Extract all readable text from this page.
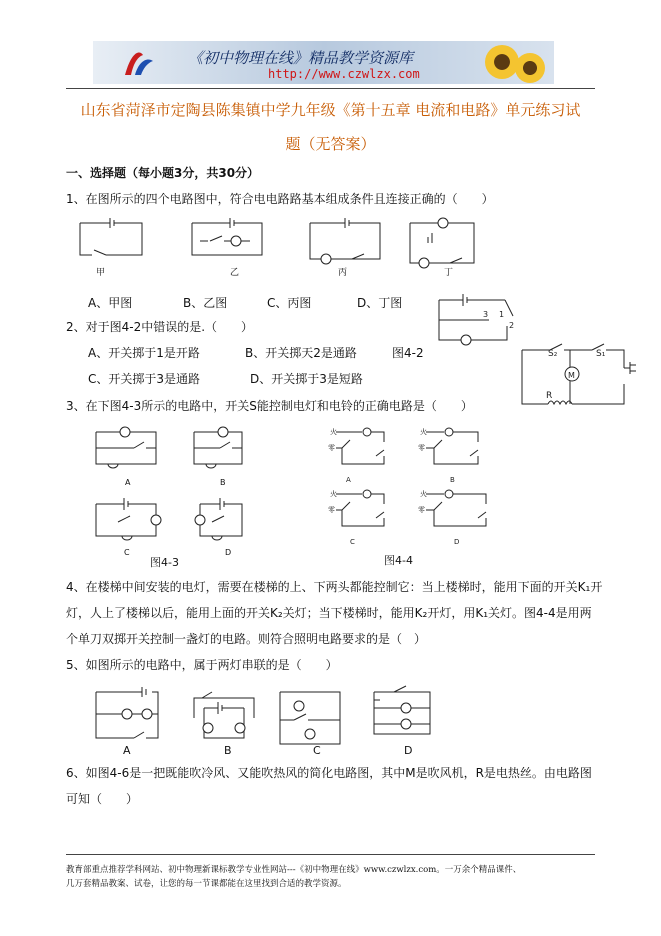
《初中物理在线》精品教学资源库
http://www.czwlzx.com
山东省菏泽市定陶县陈集镇中学九年级《第十五章 电流和电路》单元练习试
题（无答案）
一、选择题（每小题3分，共30分）
1、在图所示的四个电路图中，符合电电路路基本组成条件且连接正确的（　　）
甲	乙	丙	丁
A、甲图	B、乙图	C、丙图	D、丁图
3 1
2
2、对于图4-2中错误的是.（　　）
A、开关掷于1是开路	B、开关掷天2是通路	图4-2
C、开关掷于3是通路	D、开关掷于3是短路
S₂	S₁
M
R
3、在下图4-3所示的电路中，开关S能控制电灯和电铃的正确电路是（　　）
A	B
C	D
图4-3
火
零
A
火
零
B
火
零
C
火
零
D
图4-4
4、在楼梯中间安装的电灯，需要在楼梯的上、下两头都能控制它：当上楼梯时，能用下面的开关K₁开
灯，人上了楼梯以后，能用上面的开关K₂关灯；当下楼梯时，能用K₂开灯，用K₁关灯。图4-4是用两
个单刀双掷开关控制一盏灯的电路。则符合照明电路要求的是（　）
5、如图所示的电路中，属于两灯串联的是（　　）
A	B	C	D
6、如图4-6是一把既能吹冷风、又能吹热风的简化电路图，其中M是吹风机，R是电热丝。由电路图
可知（　　）
教育部重点推荐学科网站、初中物理新课标教学专业性网站---《初中物理在线》www.czwlzx.com。一万余个精品课件、
几万套精品教案、试卷，让您的每一节课都能在这里找到合适的教学资源。
